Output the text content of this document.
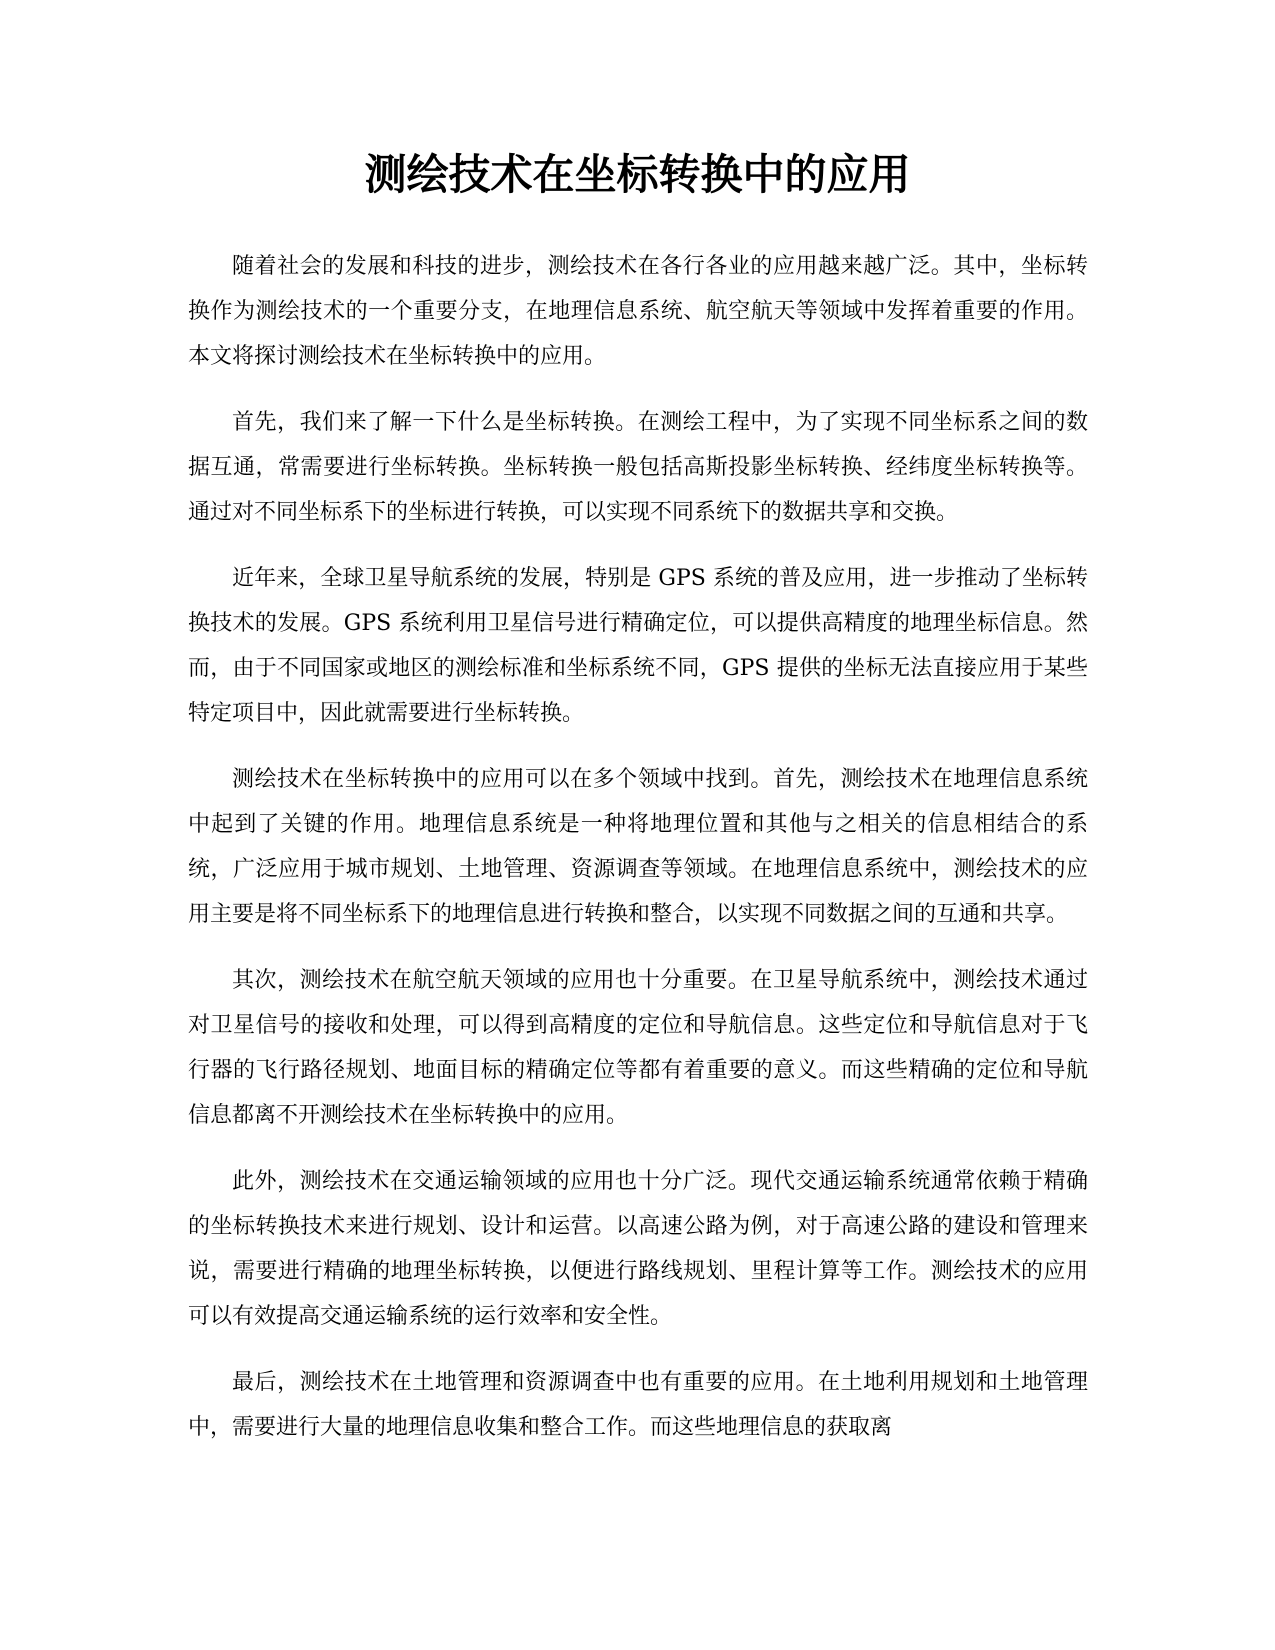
测绘技术在坐标转换中的应用

随着社会的发展和科技的进步，测绘技术在各行各业的应用越来越广泛。其中，坐标转换作为测绘技术的一个重要分支，在地理信息系统、航空航天等领域中发挥着重要的作用。本文将探讨测绘技术在坐标转换中的应用。

首先，我们来了解一下什么是坐标转换。在测绘工程中，为了实现不同坐标系之间的数据互通，常需要进行坐标转换。坐标转换一般包括高斯投影坐标转换、经纬度坐标转换等。通过对不同坐标系下的坐标进行转换，可以实现不同系统下的数据共享和交换。

近年来，全球卫星导航系统的发展，特别是 GPS 系统的普及应用，进一步推动了坐标转换技术的发展。GPS 系统利用卫星信号进行精确定位，可以提供高精度的地理坐标信息。然而，由于不同国家或地区的测绘标准和坐标系统不同，GPS 提供的坐标无法直接应用于某些特定项目中，因此就需要进行坐标转换。

测绘技术在坐标转换中的应用可以在多个领域中找到。首先，测绘技术在地理信息系统中起到了关键的作用。地理信息系统是一种将地理位置和其他与之相关的信息相结合的系统，广泛应用于城市规划、土地管理、资源调查等领域。在地理信息系统中，测绘技术的应用主要是将不同坐标系下的地理信息进行转换和整合，以实现不同数据之间的互通和共享。

其次，测绘技术在航空航天领域的应用也十分重要。在卫星导航系统中，测绘技术通过对卫星信号的接收和处理，可以得到高精度的定位和导航信息。这些定位和导航信息对于飞行器的飞行路径规划、地面目标的精确定位等都有着重要的意义。而这些精确的定位和导航信息都离不开测绘技术在坐标转换中的应用。

此外，测绘技术在交通运输领域的应用也十分广泛。现代交通运输系统通常依赖于精确的坐标转换技术来进行规划、设计和运营。以高速公路为例，对于高速公路的建设和管理来说，需要进行精确的地理坐标转换，以便进行路线规划、里程计算等工作。测绘技术的应用可以有效提高交通运输系统的运行效率和安全性。

最后，测绘技术在土地管理和资源调查中也有重要的应用。在土地利用规划和土地管理中，需要进行大量的地理信息收集和整合工作。而这些地理信息的获取离
